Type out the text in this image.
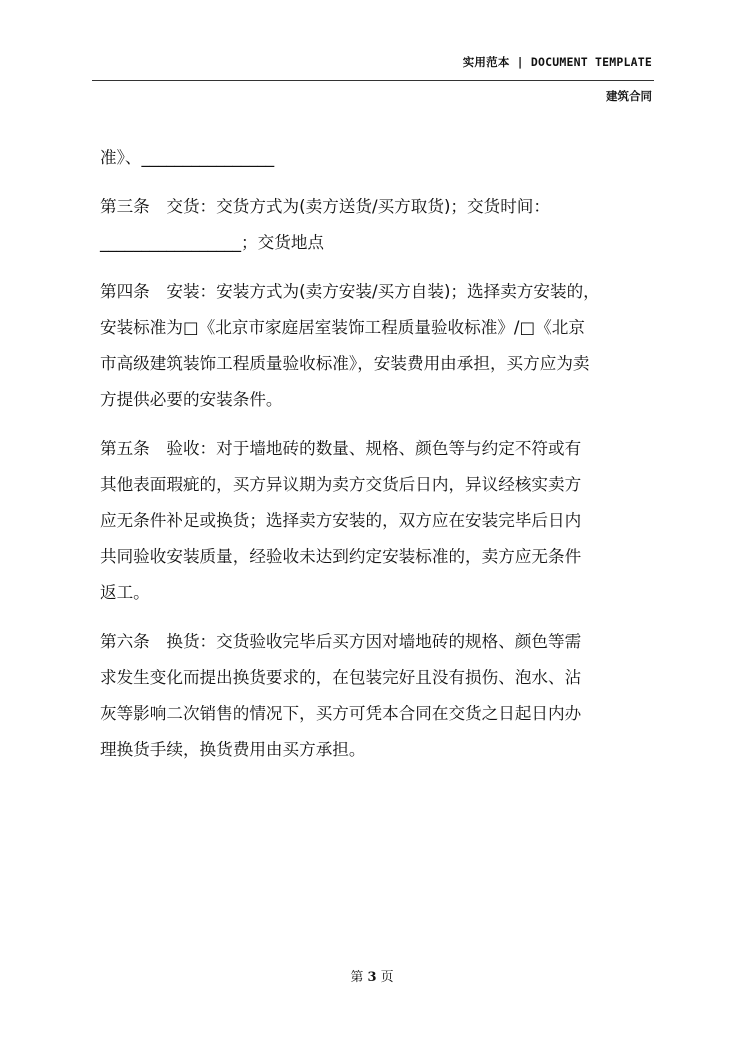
实用范本 | DOCUMENT TEMPLATE
建筑合同
准》、________________
第三条　交货：交货方式为(卖方送货/买方取货)；交货时间：
_________________；交货地点
第四条　安装：安装方式为(卖方安装/买方自装)；选择卖方安装的，
安装标准为□《北京市家庭居室装饰工程质量验收标准》/□《北京
市高级建筑装饰工程质量验收标准》，安装费用由承担，买方应为卖
方提供必要的安装条件。
第五条　验收：对于墙地砖的数量、规格、颜色等与约定不符或有
其他表面瑕疵的，买方异议期为卖方交货后日内，异议经核实卖方
应无条件补足或换货；选择卖方安装的，双方应在安装完毕后日内
共同验收安装质量，经验收未达到约定安装标准的，卖方应无条件
返工。
第六条　换货：交货验收完毕后买方因对墙地砖的规格、颜色等需
求发生变化而提出换货要求的，在包装完好且没有损伤、泡水、沾
灰等影响二次销售的情况下，买方可凭本合同在交货之日起日内办
理换货手续，换货费用由买方承担。
第 3 页
